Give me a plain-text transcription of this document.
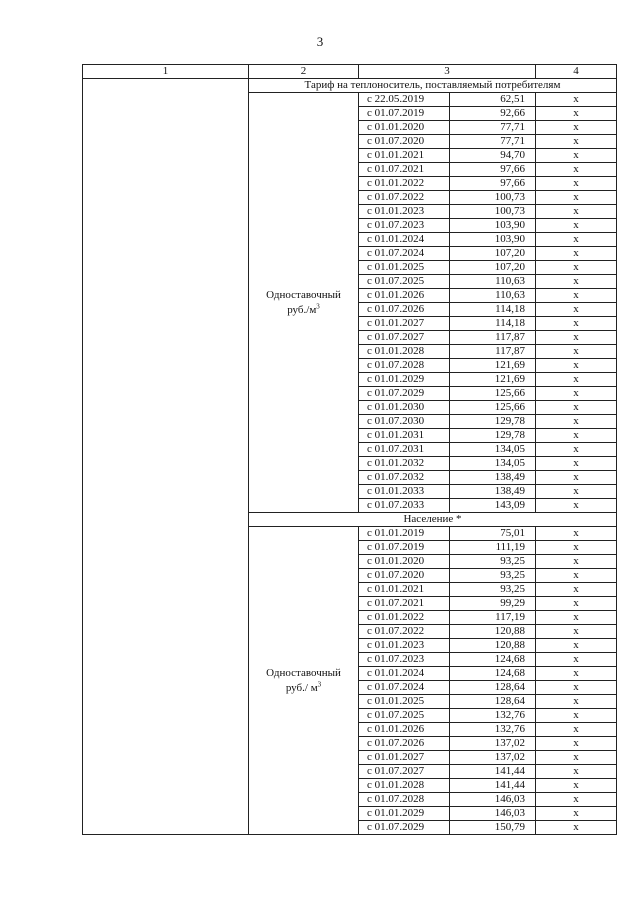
3
1	2	3		4
	Тариф на теплоноситель, поставляемый потребителям			

	Одноставочный
$руб./м^3$	с 22.05.2019	62,51	x
		с 01.07.2019	92,66	x
		с 01.01.2020	77,71	x
		с 01.07.2020	77,71	x
		с 01.01.2021	94,70	x
		с 01.07.2021	97,66	x
		с 01.01.2022	97,66	x
		с 01.07.2022	100,73	x
		с 01.01.2023	100,73	x
		с 01.07.2023	103,90	x
		с 01.01.2024	103,90	x
		с 01.07.2024	107,20	x
		с 01.01.2025	107,20	x
		с 01.07.2025	110,63	x
		с 01.01.2026	110,63	x
		с 01.07.2026	114,18	x
		с 01.01.2027	114,18	x
		с 01.07.2027	117,87	x
		с 01.01.2028	117,87	x
		с 01.07.2028	121,69	x
		с 01.01.2029	121,69	x
		с 01.07.2029	125,66	x
		с 01.01.2030	125,66	x
		с 01.07.2030	129,78	x
		с 01.01.2031	129,78	x
		с 01.07.2031	134,05	x
		с 01.01.2032	134,05	x
		с 01.07.2032	138,49	x
		с 01.01.2033	138,49	x
		с 01.07.2033	143,09	x
	Население *			

	Одноставочный
руб./ $м^3$	с 01.01.2019	75,01	x
		с 01.07.2019	111,19	x
		с 01.01.2020	93,25	x
		с 01.07.2020	93,25	x
		с 01.01.2021	93,25	x
		с 01.07.2021	99,29	x
		с 01.01.2022	117,19	x
		с 01.07.2022	120,88	x
		с 01.01.2023	120,88	x
		с 01.07.2023	124,68	x
		с 01.01.2024	124,68	x
		с 01.07.2024	128,64	x
		с 01.01.2025	128,64	x
		с 01.07.2025	132,76	x
		с 01.01.2026	132,76	x
		с 01.07.2026	137,02	x
		с 01.01.2027	137,02	x
		с 01.07.2027	141,44	x
		с 01.01.2028	141,44	x
		с 01.07.2028	146,03	x
		с 01.01.2029	146,03	x
		с 01.07.2029	150,79	x
